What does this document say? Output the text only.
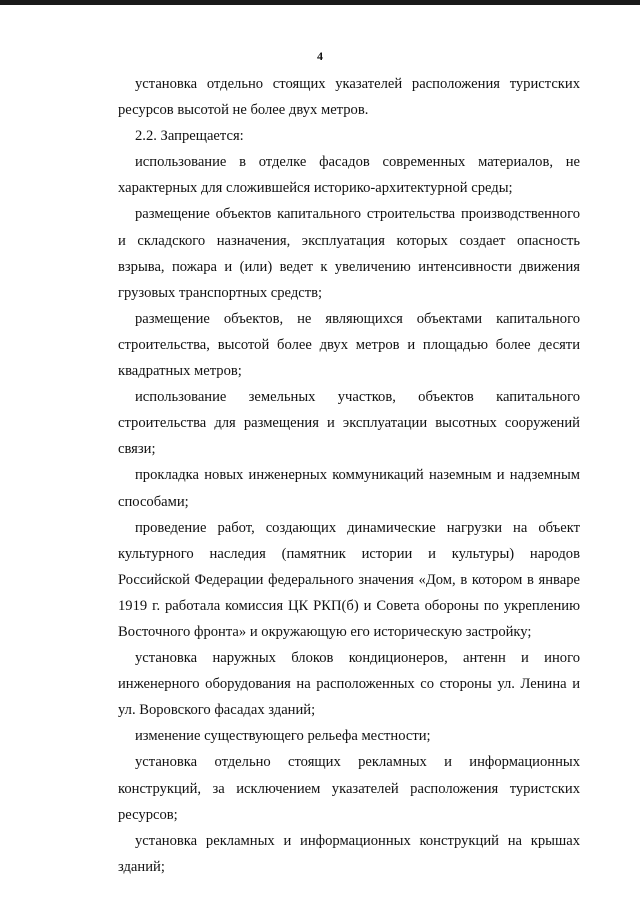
4

установка отдельно стоящих указателей расположения туристских ресурсов высотой не более двух метров.

2.2. Запрещается:

использование в отделке фасадов современных материалов, не характерных для сложившейся историко-архитектурной среды;

размещение объектов капитального строительства производственного и складского назначения, эксплуатация которых создает опасность взрыва, пожара и (или) ведет к увеличению интенсивности движения грузовых транспортных средств;

размещение объектов, не являющихся объектами капитального строительства, высотой более двух метров и площадью более десяти квадратных метров;

использование земельных участков, объектов капитального строительства для размещения и эксплуатации высотных сооружений связи;

прокладка новых инженерных коммуникаций наземным и надземным способами;

проведение работ, создающих динамические нагрузки на объект культурного наследия (памятник истории и культуры) народов Российской Федерации федерального значения «Дом, в котором в январе 1919 г. работала комиссия ЦК РКП(б) и Совета обороны по укреплению Восточного фронта» и окружающую его историческую застройку;

установка наружных блоков кондиционеров, антенн и иного инженерного оборудования на расположенных со стороны ул. Ленина и ул. Воровского фасадах зданий;

изменение существующего рельефа местности;

установка отдельно стоящих рекламных и информационных конструкций, за исключением указателей расположения туристских ресурсов;

установка рекламных и информационных конструкций на крышах зданий;
